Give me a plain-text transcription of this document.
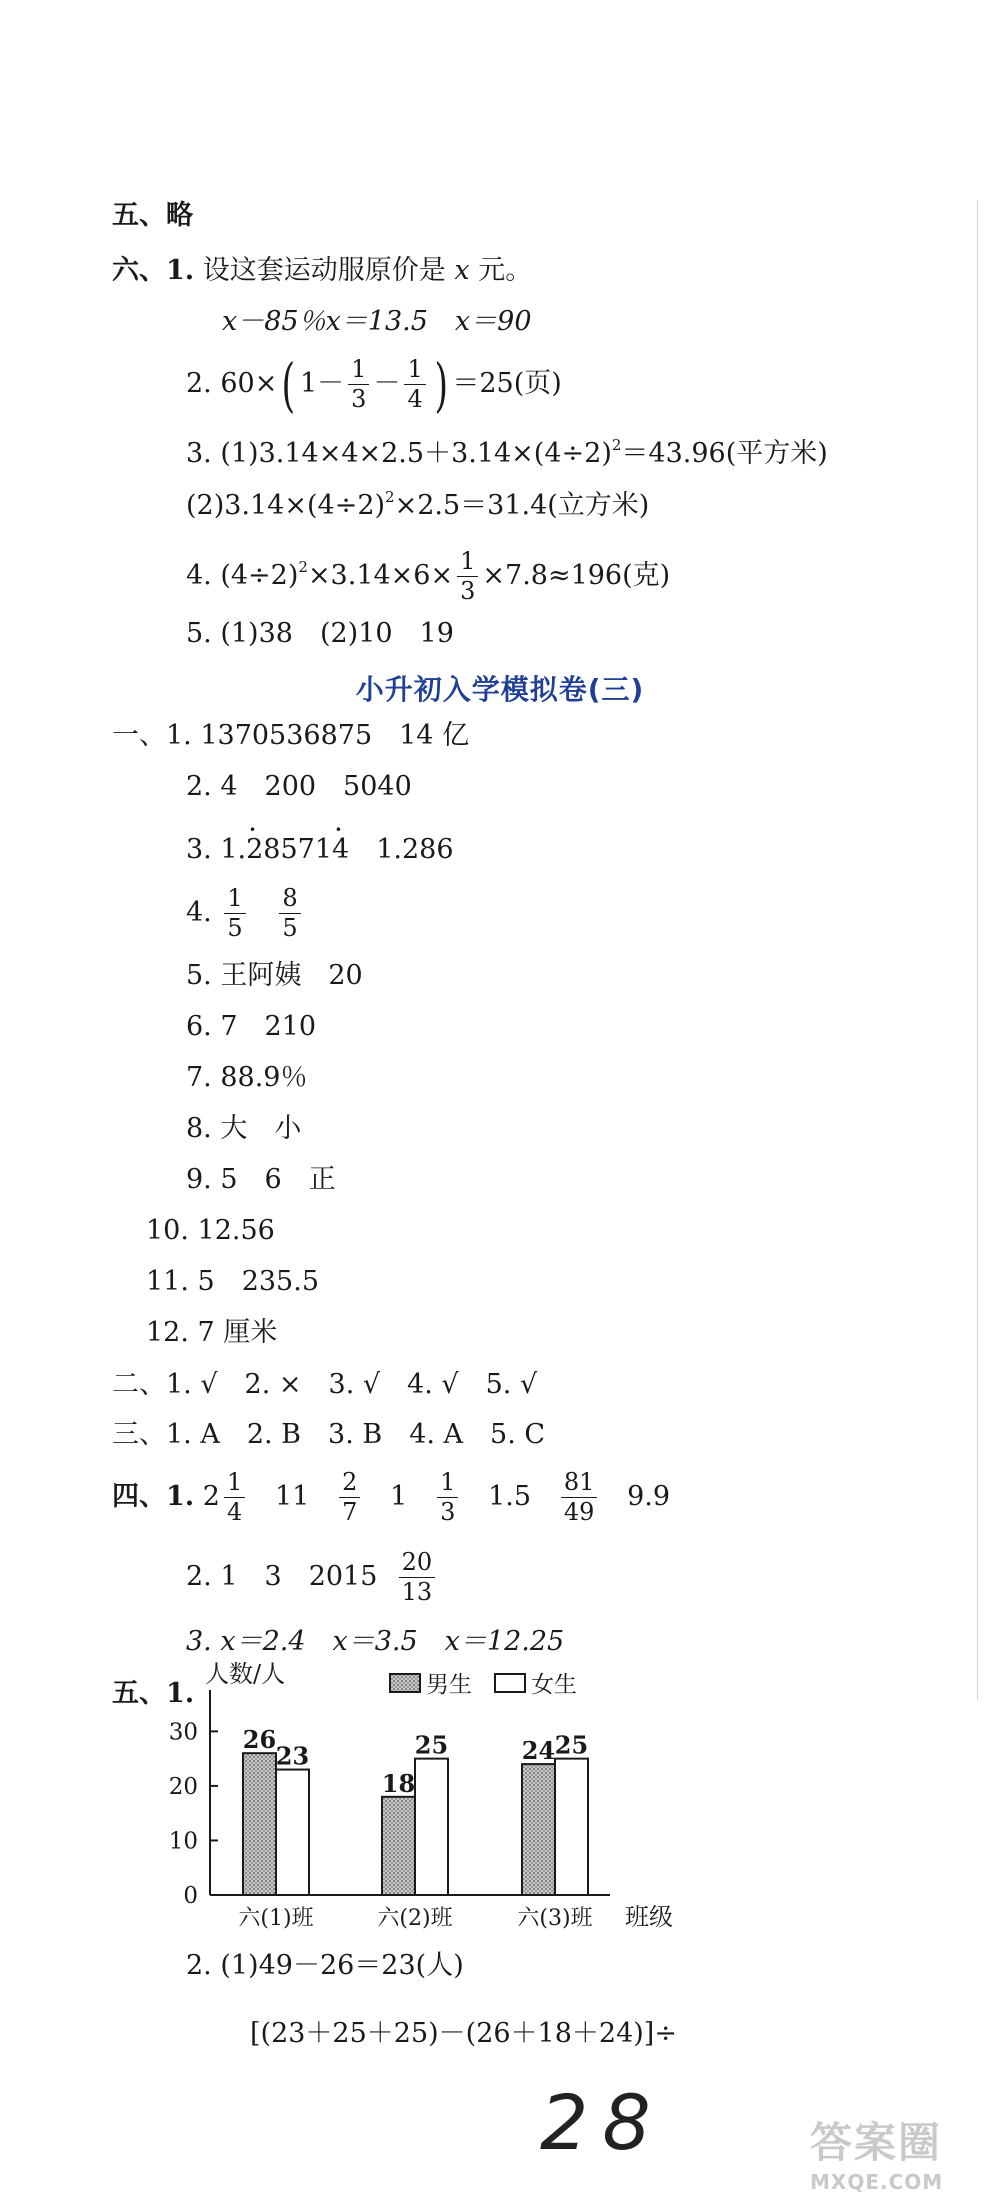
五、略
六、1. 设这套运动服原价是 x 元。
x－85％x＝13.5　x＝90
2. 60×( $1- \frac{1}{3} - \frac{1}{4}$ ) ＝25(页)
3. $(1)3.14\times 4\times 2.5+3.14\times(4\div 2)^2=43.96$(平方米)
$(2)3.14\times(4\div 2)^2\times 2.5=31.4$(立方米)
4. $(4\div 2)^2\times 3.14\times 6\times \frac{1}{3} \times 7.8\approx 196$(克)
5. (1)38　(2)10　19
小升初入学模拟卷(三)
一、1. 1370536875　14 亿
2. 4　200　5040
3. 1.· 28571· 4　1.286
4. $\frac{1}{5}$
$\frac{8}{5}$
5. 王阿姨　20
6. 7　210
7. 88.9％
8. 大　小
9. 5　6　正
10. 12.56
11. 5　235.5
12. 7 厘米
二、1. √　2. ×　3. √　4. √　5. √
三、1. A　2. B　3. B　4. A　5. C
四、1. $2 \frac{1}{4} 11 \frac{2}{7} 1 \frac{1}{3} 1.5 \frac{81}{49} 9.9$
2. 1　3　$2015 \frac{20}{13}$
3. x＝2.4　x＝3.5　x＝12.25
五、1.
人数/人
班级
0
10
20
30 26
23
18
25	24 25
六(1)班	六(2)班	六(3)班
男生	女生
2. (1)49－26＝23(人)
[(23＋25＋25)－(26＋18＋24)]÷
28	答案圈
MXQE.COM
